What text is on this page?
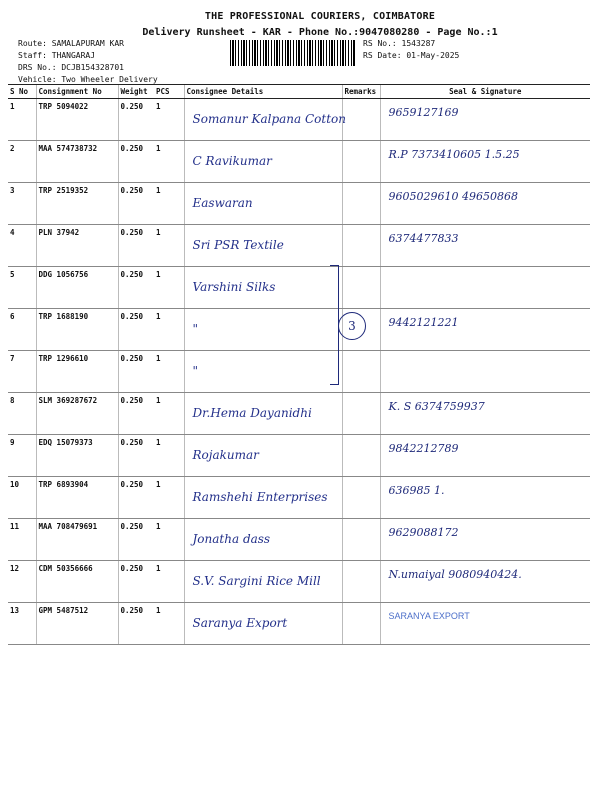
THE PROFESSIONAL COURIERS, COIMBATORE
Delivery Runsheet - KAR - Phone No.:9047080280 - Page No.:1
Route: SAMALAPURAM KAR
Staff: THANGARAJ
DRS No.: DCJB154328701
Vehicle: Two Wheeler Delivery
RS No.: 1543287
RS Date: 01-May-2025
S No	Consignment No	Weight	PCS	Consignee Details	Remarks	Seal & Signature
1	TRP 5094022	0.250	1	Somanur Kalpana Cotton		9659127169

2	MAA 574738732	0.250	1	C Ravikumar		R.P 7373410605 1.5.25

3	TRP 2519352	0.250	1	Easwaran		9605029610 49650868

4	PLN 37942	0.250	1	Sri PSR Textile		6374477833

5	DDG 1056756	0.250	1	Varshini Silks		

6	TRP 1688190	0.250	1	"		9442121221

7	TRP 1296610	0.250	1	"		

8	SLM 369287672	0.250	1	Dr.Hema Dayanidhi		K. S 6374759937

9	EDQ 15079373	0.250	1	Rojakumar		9842212789

10	TRP 6893904	0.250	1	Ramshehi Enterprises		636985 1.

11	MAA 708479691	0.250	1	Jonatha dass		9629088172

12	CDM 50356666	0.250	1	S.V. Sargini Rice Mill		N.umaiyal 9080940424.

13	GPM 5487512	0.250	1	Saranya Export		SARANYA EXPORT
3
